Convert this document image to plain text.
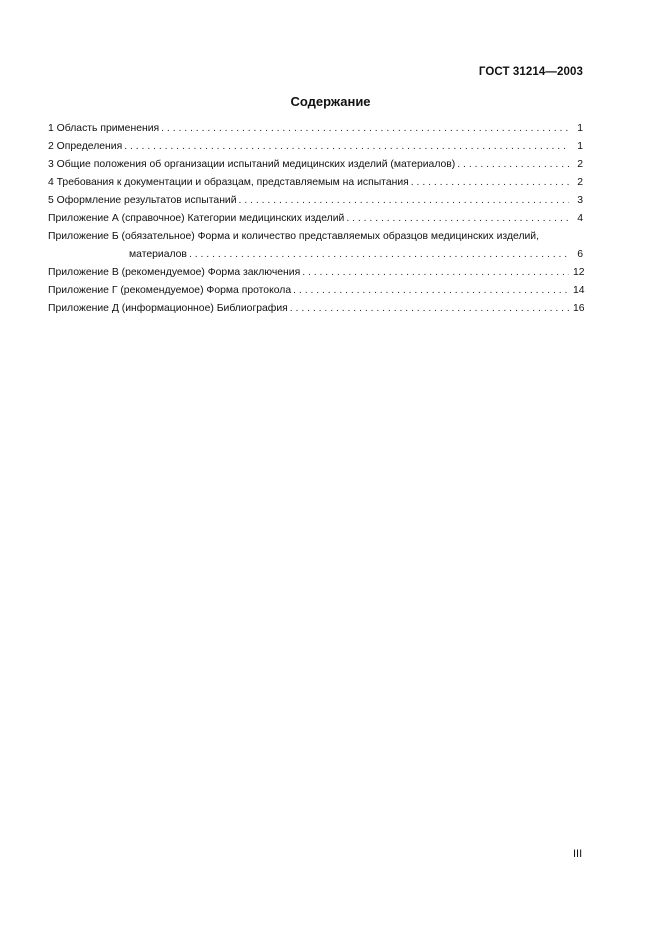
ГОСТ 31214—2003
Содержание
1 Область применения . . .	1
2 Определения . . .	1
3 Общие положения об организации испытаний медицинских изделий (материалов) . . .	2
4 Требования к документации и образцам, представляемым на испытания . . .	2
5 Оформление результатов испытаний . . .	3
Приложение А (справочное) Категории медицинских изделий . . .	4
Приложение Б (обязательное) Форма и количество представляемых образцов медицинских изделий,
материалов . . .	6
Приложение В (рекомендуемое) Форма заключения . . .	12
Приложение Г (рекомендуемое) Форма протокола . . .	14
Приложение Д (информационное) Библиография . . .	16
III
